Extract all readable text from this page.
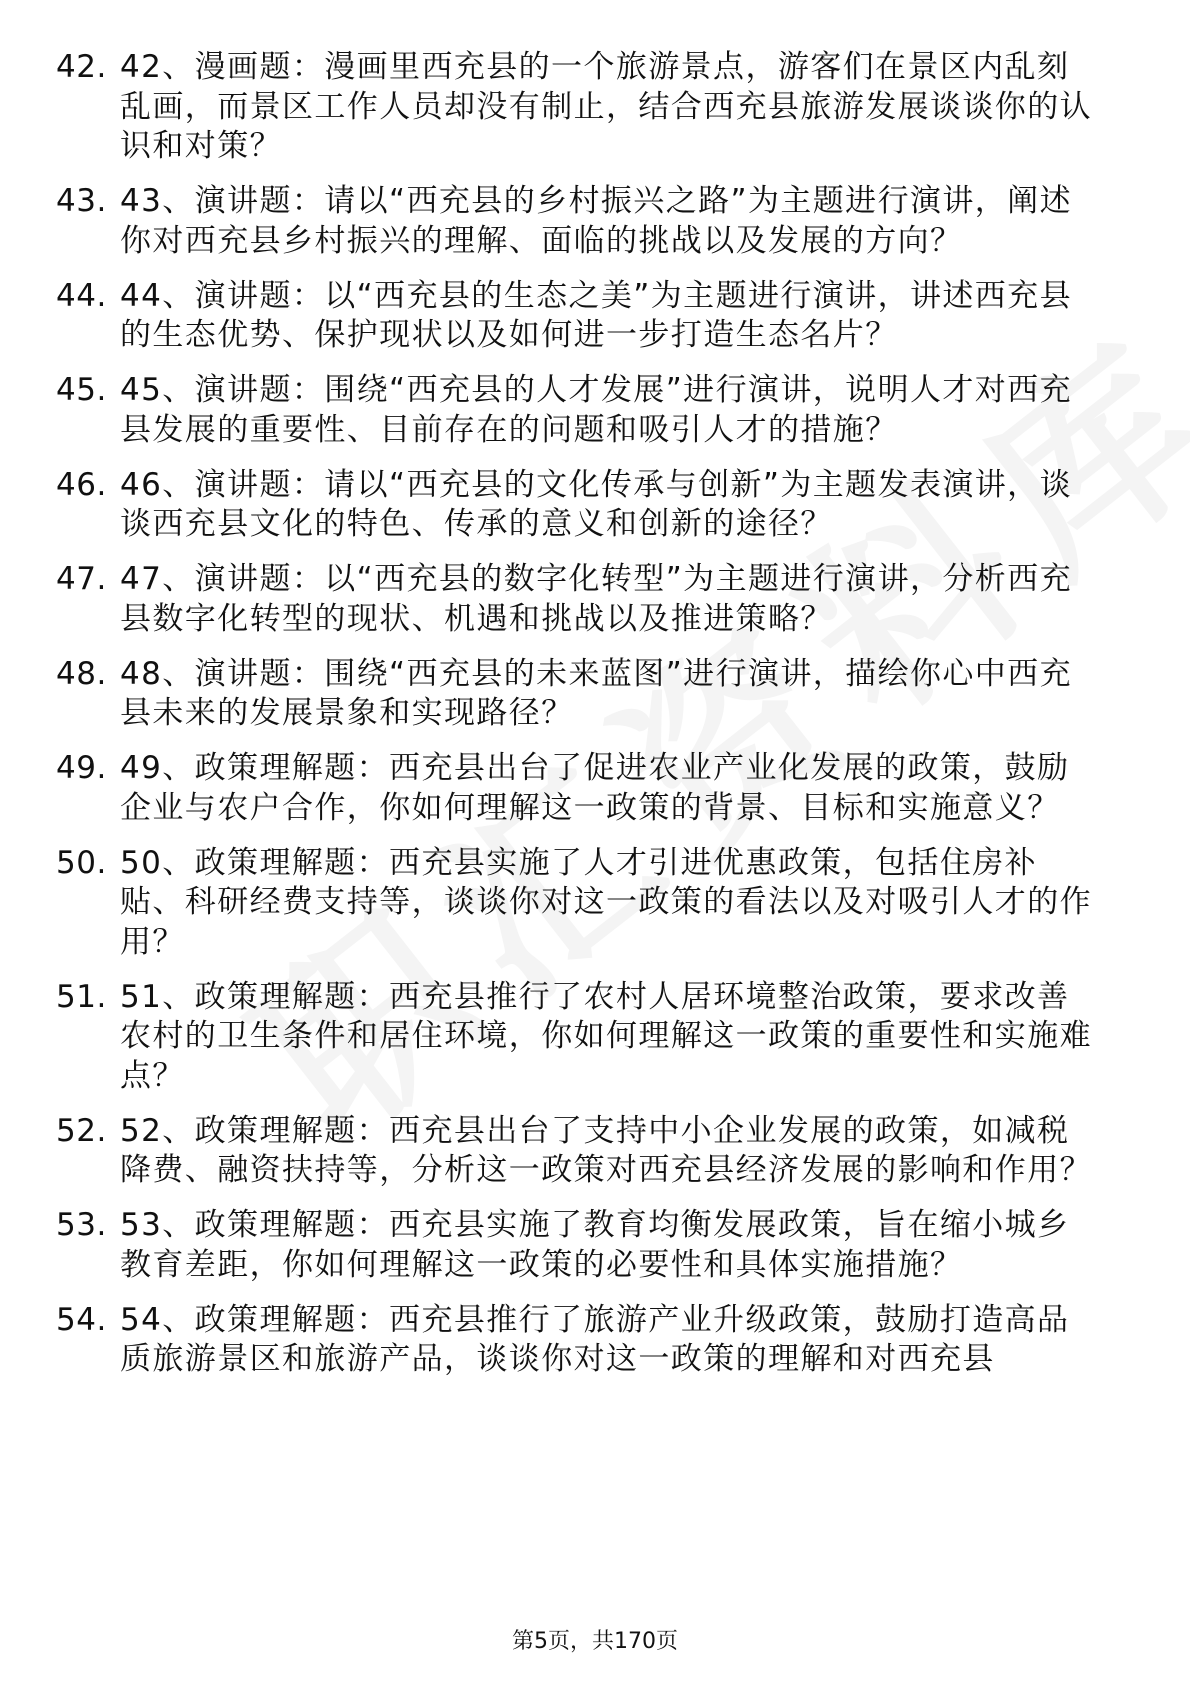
42. 42、漫画题：漫画里西充县的一个旅游景点，游客们在景区内乱刻乱画，而景区工作人员却没有制止，结合西充县旅游发展谈谈你的认识和对策？
43. 43、演讲题：请以“西充县的乡村振兴之路”为主题进行演讲，阐述你对西充县乡村振兴的理解、面临的挑战以及发展的方向？
44. 44、演讲题：以“西充县的生态之美”为主题进行演讲，讲述西充县的生态优势、保护现状以及如何进一步打造生态名片？
45. 45、演讲题：围绕“西充县的人才发展”进行演讲，说明人才对西充县发展的重要性、目前存在的问题和吸引人才的措施？
46. 46、演讲题：请以“西充县的文化传承与创新”为主题发表演讲，谈谈西充县文化的特色、传承的意义和创新的途径？
47. 47、演讲题：以“西充县的数字化转型”为主题进行演讲，分析西充县数字化转型的现状、机遇和挑战以及推进策略？
48. 48、演讲题：围绕“西充县的未来蓝图”进行演讲，描绘你心中西充县未来的发展景象和实现路径？
49. 49、政策理解题：西充县出台了促进农业产业化发展的政策，鼓励企业与农户合作，你如何理解这一政策的背景、目标和实施意义？
50. 50、政策理解题：西充县实施了人才引进优惠政策，包括住房补贴、科研经费支持等，谈谈你对这一政策的看法以及对吸引人才的作用？
51. 51、政策理解题：西充县推行了农村人居环境整治政策，要求改善农村的卫生条件和居住环境，你如何理解这一政策的重要性和实施难点？
52. 52、政策理解题：西充县出台了支持中小企业发展的政策，如减税降费、融资扶持等，分析这一政策对西充县经济发展的影响和作用？
53. 53、政策理解题：西充县实施了教育均衡发展政策，旨在缩小城乡教育差距，你如何理解这一政策的必要性和具体实施措施？
54. 54、政策理解题：西充县推行了旅游产业升级政策，鼓励打造高品质旅游景区和旅游产品，谈谈你对这一政策的理解和对西充县
第5页，共170页
